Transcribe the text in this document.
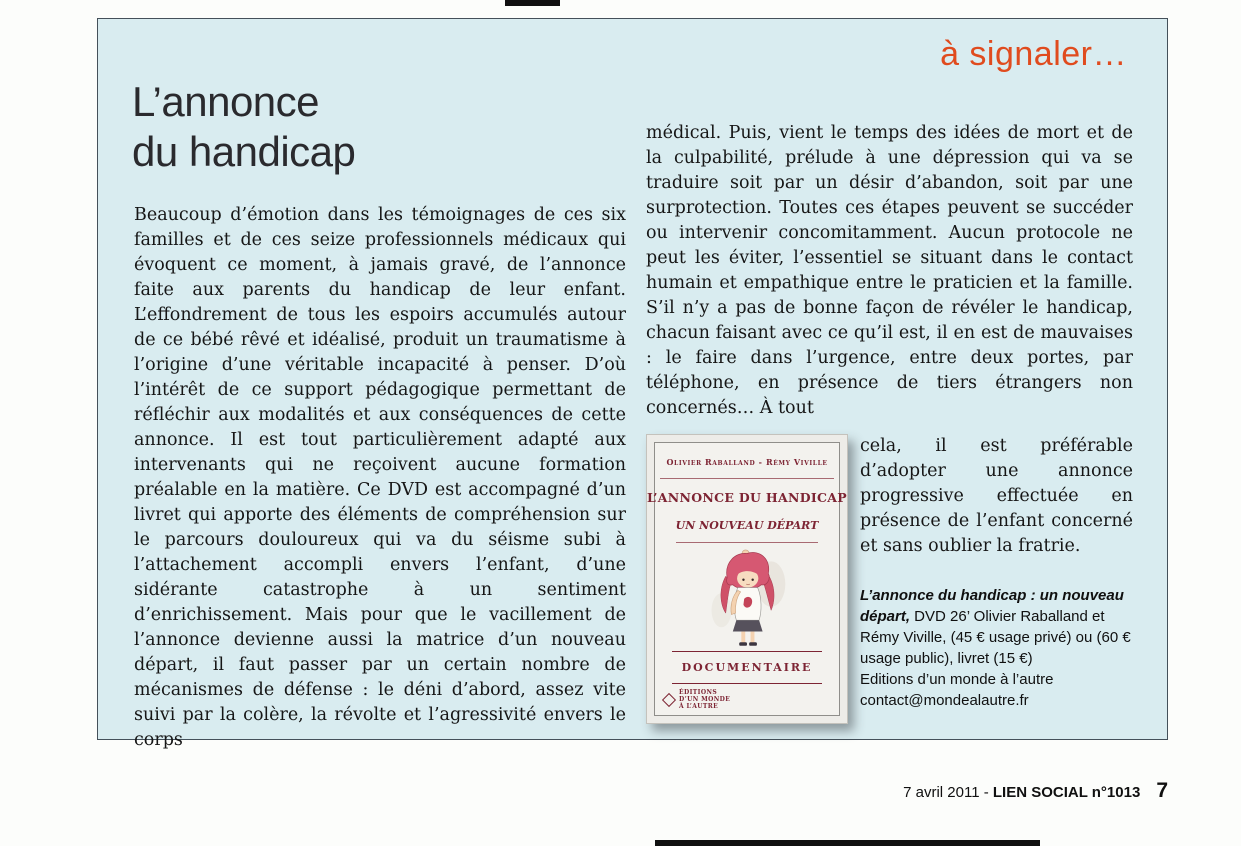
à signaler…
L’annonce
du handicap
Beaucoup d’émotion dans les témoignages de ces six familles et de ces seize professionnels médicaux qui évoquent ce moment, à jamais gravé, de l’annonce faite aux parents du handicap de leur enfant. L’effondrement de tous les espoirs accumulés autour de ce bébé rêvé et idéalisé, produit un traumatisme à l’origine d’une véritable incapacité à penser. D’où l’intérêt de ce support pédagogique permettant de réfléchir aux modalités et aux conséquences de cette annonce. Il est tout particulièrement adapté aux intervenants qui ne reçoivent aucune formation préalable en la matière. Ce DVD est accompagné d’un livret qui apporte des éléments de compréhension sur le parcours douloureux qui va du séisme subi à l’attachement accompli envers l’enfant, d’une sidérante catastrophe à un sentiment d’enrichissement. Mais pour que le vacillement de l’annonce devienne aussi la matrice d’un nouveau départ, il faut passer par un certain nombre de mécanismes de défense : le déni d’abord, assez vite suivi par la colère, la révolte et l’agressivité envers le corps

médical. Puis, vient le temps des idées de mort et de la culpabilité, prélude à une dépression qui va se traduire soit par un désir d’abandon, soit par une surprotection. Toutes ces étapes peuvent se succéder ou intervenir concomitamment. Aucun protocole ne peut les éviter, l’essentiel se situant dans le contact humain et empathique entre le praticien et la famille. S’il n’y a pas de bonne façon de révéler le handicap, chacun faisant avec ce qu’il est, il en est de mauvaises : le faire dans l’urgence, entre deux portes, par téléphone, en présence de tiers étrangers non concernés… À tout

Olivier Raballand - Rémy Viville
L’ANNONCE DU HANDICAP
UN NOUVEAU DÉPART
DOCUMENTAIRE
ÉDITIONS
D’UN MONDE
À L’AUTRE

cela, il est préférable d’adopter une annonce progressive effectuée en présence de l’enfant concerné et sans oublier la fratrie.

L’annonce du handicap : un nouveau départ, DVD 26’ Olivier Raballand et Rémy Viville, (45 € usage privé) ou (60 € usage public), livret (15 €)
Editions d’un monde à l’autre
contact@mondealautre.fr
7 avril 2011 - LIEN SOCIAL n°1013 7
